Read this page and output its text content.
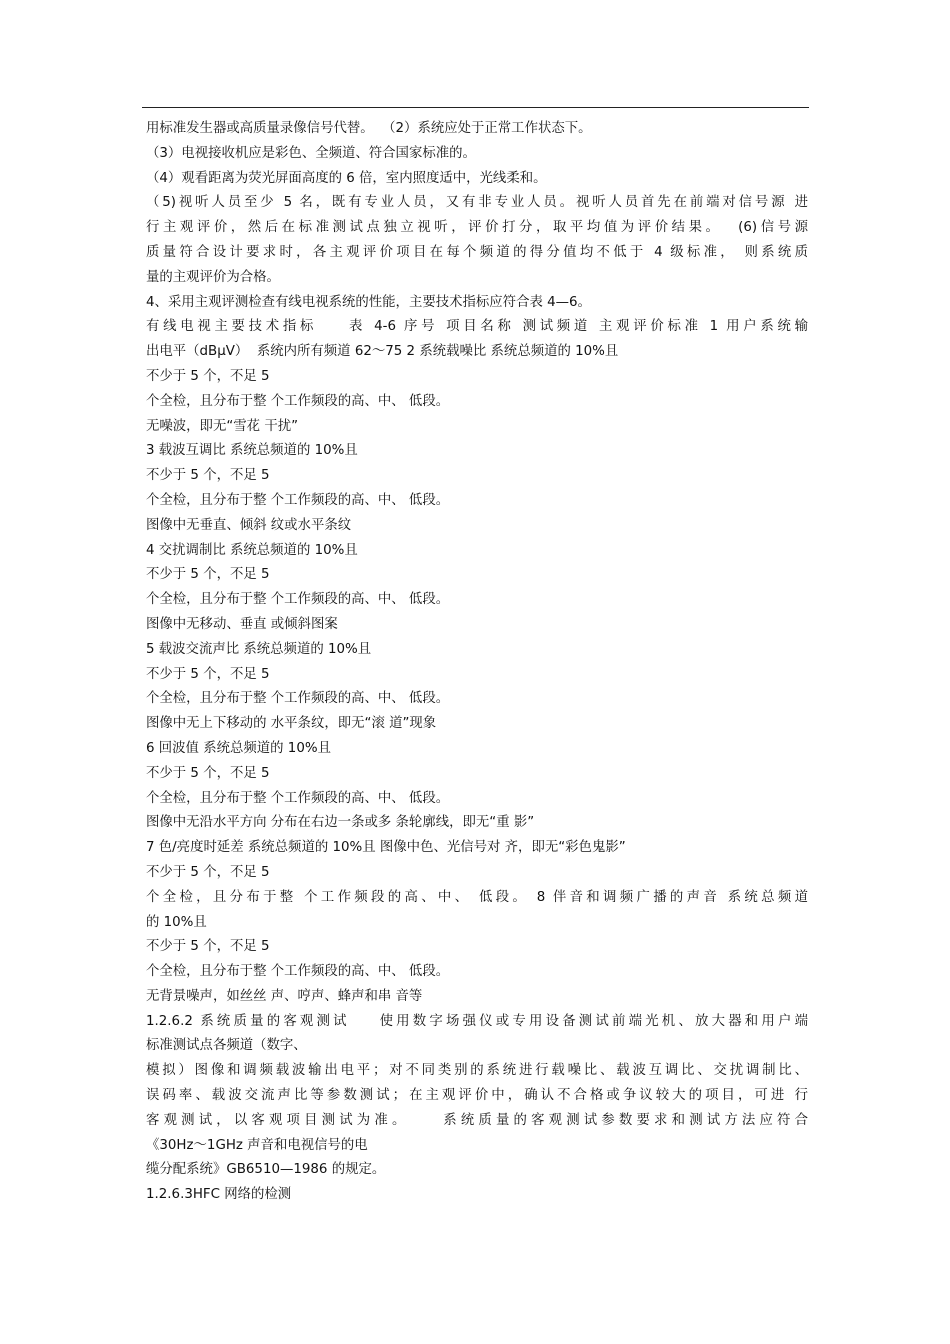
用标准发生器或高质量录像信号代替。  （2）系统应处于正常工作状态下。
（3）电视接收机应是彩色、全频道、符合国家标准的。
（4）观看距离为荧光屏面高度的 6 倍，室内照度适中，光线柔和。
（5)视听人员至少 5 名，既有专业人员，又有非专业人员。视听人员首先在前端对信号源 进
行主观评价，然后在标准测试点独立视听，评价打分，取平均值为评价结果。  (6)信号源
质量符合设计要求时，各主观评价项目在每个频道的得分值均不低于 4 级标准， 则系统质
量的主观评价为合格。
4、采用主观评测检查有线电视系统的性能，主要技术指标应符合表 4—6。
有线电视主要技术指标    表 4-6 序号 项目名称 测试频道 主观评价标准 1 用户系统输
出电平（dBμV）  系统内所有频道 62～75 2 系统载噪比 系统总频道的 10%且
不少于 5 个，不足 5
个全检，且分布于整 个工作频段的高、中、 低段。
无噪波，即无“雪花 干扰”
3 载波互调比 系统总频道的 10%且
不少于 5 个，不足 5
个全检，且分布于整 个工作频段的高、中、 低段。
图像中无垂直、倾斜 纹或水平条纹
4 交扰调制比 系统总频道的 10%且
不少于 5 个，不足 5
个全检，且分布于整 个工作频段的高、中、 低段。
图像中无移动、垂直 或倾斜图案
5 载波交流声比 系统总频道的 10%且
不少于 5 个，不足 5
个全检，且分布于整 个工作频段的高、中、 低段。
图像中无上下移动的 水平条纹，即无“滚 道”现象
6 回波值 系统总频道的 10%且
不少于 5 个，不足 5
个全检，且分布于整 个工作频段的高、中、 低段。
图像中无沿水平方向 分布在右边一条或多 条轮廓线，即无“重 影”
7 色/亮度时延差 系统总频道的 10%且 图像中色、光信号对 齐，即无“彩色鬼影”
不少于 5 个，不足 5
个全检，且分布于整 个工作频段的高、中、 低段。 8 伴音和调频广播的声音 系统总频道
的 10%且
不少于 5 个，不足 5
个全检，且分布于整 个工作频段的高、中、 低段。
无背景噪声，如丝丝 声、哼声、蜂声和串 音等
1.2.6.2 系统质量的客观测试    使用数字场强仪或专用设备测试前端光机、放大器和用户端
标准测试点各频道（数字、
模拟）图像和调频载波输出电平；对不同类别的系统进行载噪比、载波互调比、交扰调制比、
误码率、载波交流声比等参数测试；在主观评价中，确认不合格或争议较大的项目，可进 行
客观测试，以客观项目测试为准。    系统质量的客观测试参数要求和测试方法应符合
《30Hz～1GHz 声音和电视信号的电
缆分配系统》GB6510—1986 的规定。
1.2.6.3HFC 网络的检测
